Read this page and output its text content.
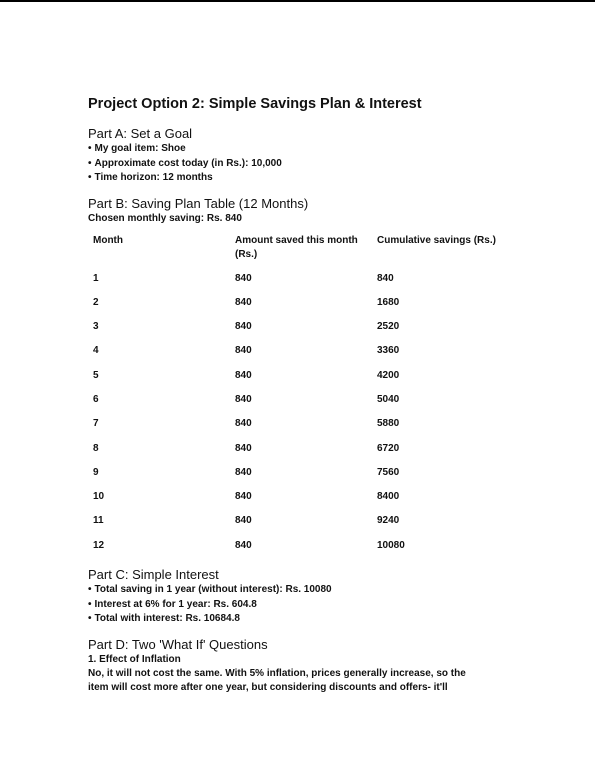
Project Option 2: Simple Savings Plan & Interest
Part A: Set a Goal

• My goal item: Shoe

• Approximate cost today (in Rs.): 10,000

• Time horizon: 12 months

Part B: Saving Plan Table (12 Months)

Chosen monthly saving: Rs. 840

Month	Amount saved this month (Rs.)	Cumulative savings (Rs.)
1	840	840
2	840	1680
3	840	2520
4	840	3360
5	840	4200
6	840	5040
7	840	5880
8	840	6720
9	840	7560
10	840	8400
11	840	9240
12	840	10080
Part C: Simple Interest

• Total saving in 1 year (without interest): Rs. 10080

• Interest at 6% for 1 year: Rs. 604.8

• Total with interest: Rs. 10684.8

Part D: Two 'What If' Questions

1. Effect of Inflation

No, it will not cost the same. With 5% inflation, prices generally increase, so the

item will cost more after one year, but considering discounts and offers- it'll
